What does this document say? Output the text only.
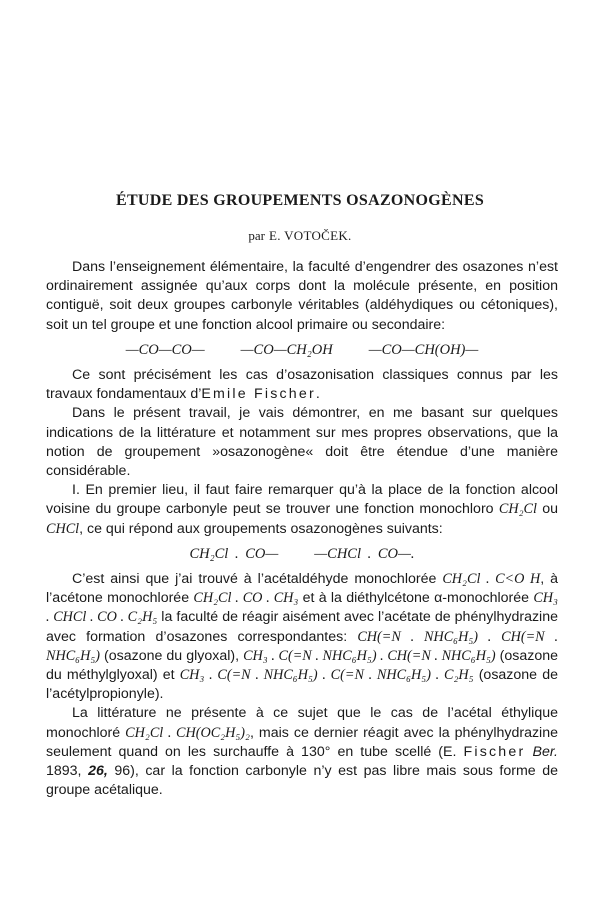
ÉTUDE DES GROUPEMENTS OSAZONOGÈNES

par E. VOTOČEK.

Dans l’enseignement élémentaire, la faculté d’engendrer des osazones n’est ordinairement assignée qu’aux corps dont la molécule présente, en position contiguë, soit deux groupes carbonyle véritables (aldéhydiques ou cétoniques), soit un tel groupe et une fonction alcool primaire ou secondaire:

—CO—CO— —CO—CH₂OH —CO—CH(OH)—

Ce sont précisément les cas d’osazonisation classiques connus par les travaux fondamentaux d’Emile Fischer.

Dans le présent travail, je vais démontrer, en me basant sur quelques indications de la littérature et notamment sur mes propres observations, que la notion de groupement »osazonogène« doit être étendue d’une manière considérable.

I. En premier lieu, il faut faire remarquer qu’à la place de la fonction alcool voisine du groupe carbonyle peut se trouver une fonction monochloro CH₂Cl ou CHCl, ce qui répond aux groupements osazonogènes suivants:

CH₂Cl . CO— —CHCl . CO—.

C’est ainsi que j’ai trouvé à l’acétaldéhyde monochlorée CH₂Cl . C<O H, à l’acétone monochlorée CH₂Cl . CO . CH₃ et à la diéthylcétone α-monochlorée CH₃ . CHCl . CO . C₂H₅ la faculté de réagir aisément avec l’acétate de phénylhydrazine avec formation d’osazones correspondantes: CH(=N . NHC₆H₅) . CH(=N . NHC₆H₅) (osazone du glyoxal), CH₃ . C(=N . NHC₆H₅) . CH(=N . NHC₆H₅) (osazone du méthylglyoxal) et CH₃ . C(=N . NHC₆H₅) . C(=N . NHC₆H₅) . C₂H₅ (osazone de l’acétylpropionyle).

La littérature ne présente à ce sujet que le cas de l’acétal éthylique monochloré CH₂Cl . CH(OC₂H₅)₂, mais ce dernier réagit avec la phénylhydrazine seulement quand on les surchauffe à 130° en tube scellé (E. Fischer Ber. 1893, 26, 96), car la fonction carbonyle n’y est pas libre mais sous forme de groupe acétalique.
